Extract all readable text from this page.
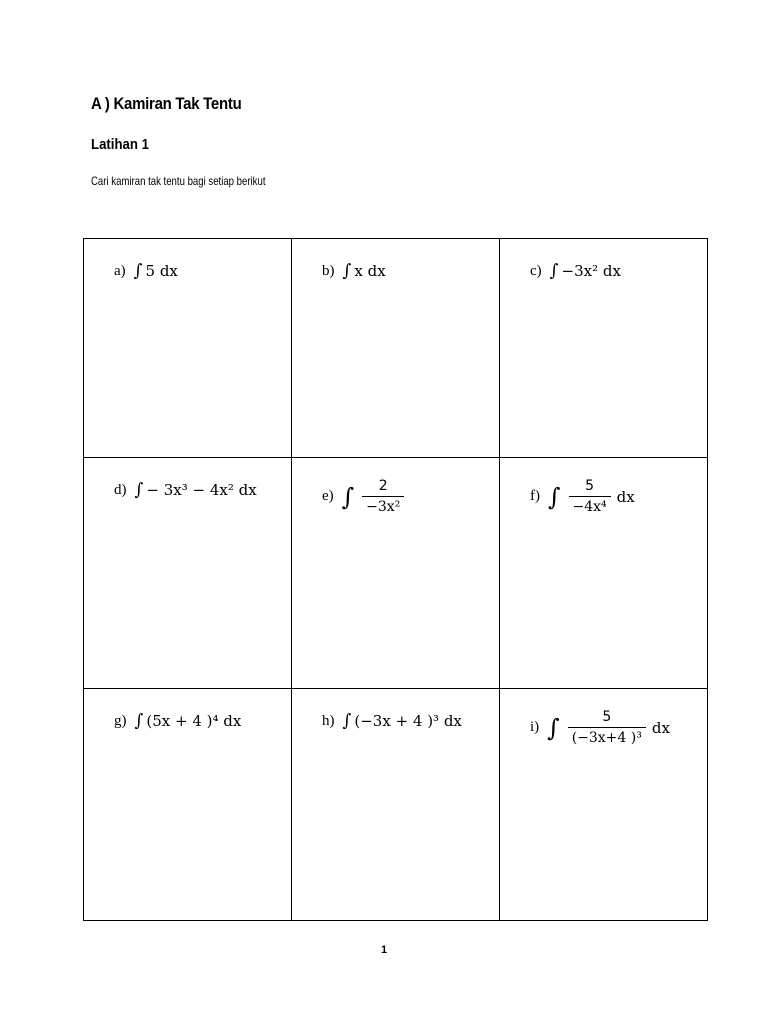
A ) Kamiran Tak Tentu
Latihan 1
Cari kamiran tak tentu bagi setiap berikut
a) ∫ 5 dx	b) ∫ x dx	c) ∫ −3x² dx

d) ∫ − 3x³ − 4x² dx	e) ∫ $\frac{2}{\text{−3x²}}$	f) ∫ $\frac{5}{\text{−4x⁴}}$ dx

g) ∫ (5x + 4 )⁴ dx	h) ∫ (−3x + 4 )³ dx	i) ∫ $\frac{5}{\text{(−3x+4 )³}}$ dx
1
